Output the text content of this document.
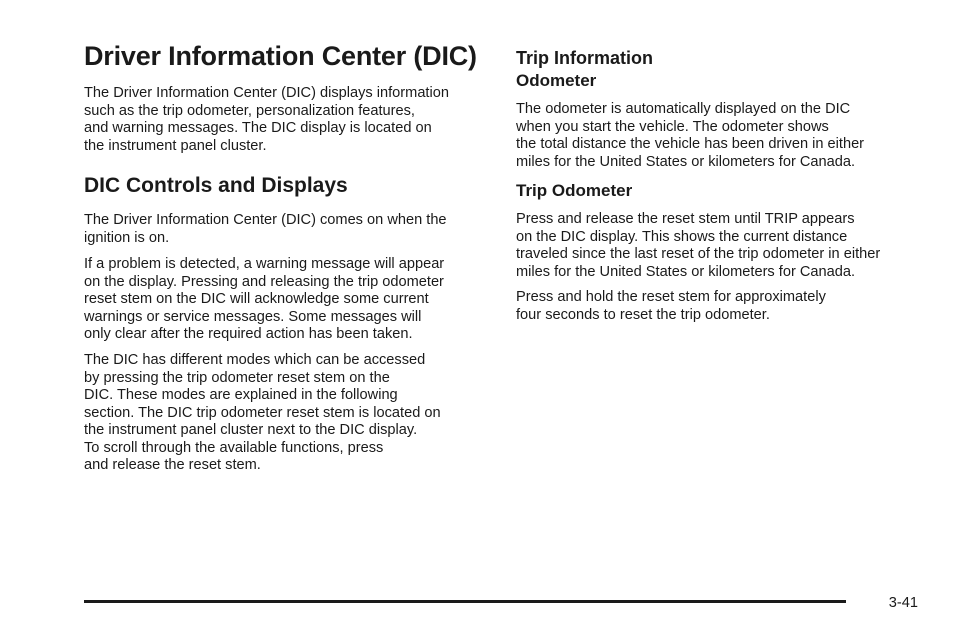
Driver Information Center (DIC)
The Driver Information Center (DIC) displays information
such as the trip odometer, personalization features,
and warning messages. The DIC display is located on
the instrument panel cluster.
DIC Controls and Displays
The Driver Information Center (DIC) comes on when the
ignition is on.
If a problem is detected, a warning message will appear
on the display. Pressing and releasing the trip odometer
reset stem on the DIC will acknowledge some current
warnings or service messages. Some messages will
only clear after the required action has been taken.
The DIC has different modes which can be accessed
by pressing the trip odometer reset stem on the
DIC. These modes are explained in the following
section. The DIC trip odometer reset stem is located on
the instrument panel cluster next to the DIC display.
To scroll through the available functions, press
and release the reset stem.
Trip Information
Odometer
The odometer is automatically displayed on the DIC
when you start the vehicle. The odometer shows
the total distance the vehicle has been driven in either
miles for the United States or kilometers for Canada.
Trip Odometer
Press and release the reset stem until TRIP appears
on the DIC display. This shows the current distance
traveled since the last reset of the trip odometer in either
miles for the United States or kilometers for Canada.
Press and hold the reset stem for approximately
four seconds to reset the trip odometer.
3-41
